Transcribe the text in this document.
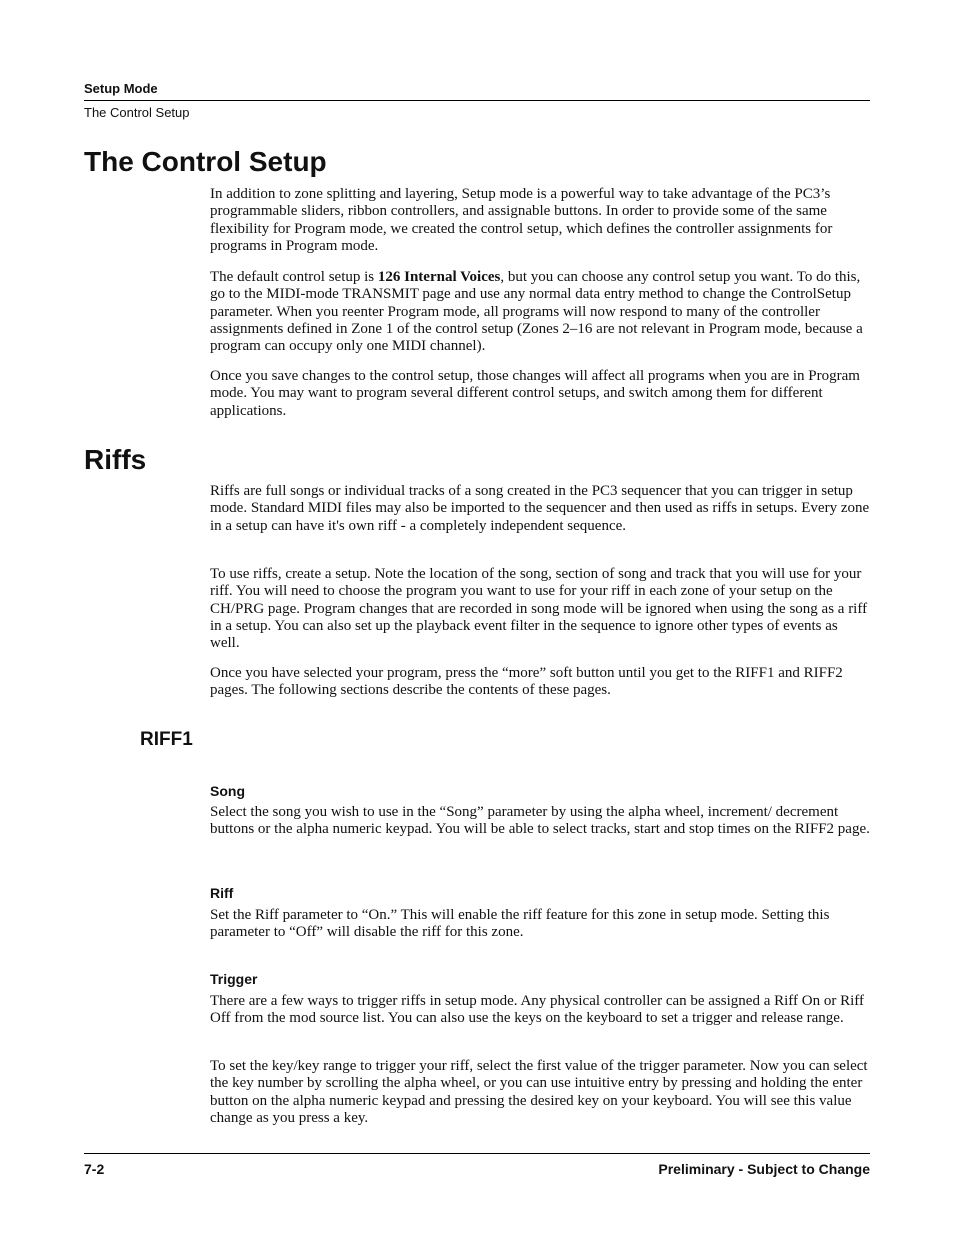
Setup Mode
The Control Setup
The Control Setup

In addition to zone splitting and layering, Setup mode is a powerful way to take advantage of the PC3’s programmable sliders, ribbon controllers, and assignable buttons. In order to provide some of the same flexibility for Program mode, we created the control setup, which defines the controller assignments for programs in Program mode.

The default control setup is 126 Internal Voices, but you can choose any control setup you want. To do this, go to the MIDI-mode TRANSMIT page and use any normal data entry method to change the ControlSetup parameter. When you reenter Program mode, all programs will now respond to many of the controller assignments defined in Zone 1 of the control setup (Zones 2–16 are not relevant in Program mode, because a program can occupy only one MIDI channel).

Once you save changes to the control setup, those changes will affect all programs when you are in Program mode. You may want to program several different control setups, and switch among them for different applications.

Riffs

Riffs are full songs or individual tracks of a song created in the PC3 sequencer that you can trigger in setup mode. Standard MIDI files may also be imported to the sequencer and then used as riffs in setups. Every zone in a setup can have it's own riff - a completely independent sequence.

To use riffs, create a setup. Note the location of the song, section of song and track that you will use for your riff. You will need to choose the program you want to use for your riff in each zone of your setup on the CH/PRG page. Program changes that are recorded in song mode will be ignored when using the song as a riff in a setup. You can also set up the playback event filter in the sequence to ignore other types of events as well.

Once you have selected your program, press the “more” soft button until you get to the RIFF1 and RIFF2 pages. The following sections describe the contents of these pages.

RIFF1
Song

Select the song you wish to use in the “Song” parameter by using the alpha wheel, increment/ decrement buttons or the alpha numeric keypad. You will be able to select tracks, start and stop times on the RIFF2 page.

Riff

Set the Riff parameter to “On.” This will enable the riff feature for this zone in setup mode. Setting this parameter to “Off” will disable the riff for this zone.

Trigger

There are a few ways to trigger riffs in setup mode. Any physical controller can be assigned a Riff On or Riff Off from the mod source list. You can also use the keys on the keyboard to set a trigger and release range.

To set the key/key range to trigger your riff, select the first value of the trigger parameter. Now you can select the key number by scrolling the alpha wheel, or you can use intuitive entry by pressing and holding the enter button on the alpha numeric keypad and pressing the desired key on your keyboard. You will see this value change as you press a key.

7-2	Preliminary - Subject to Change
